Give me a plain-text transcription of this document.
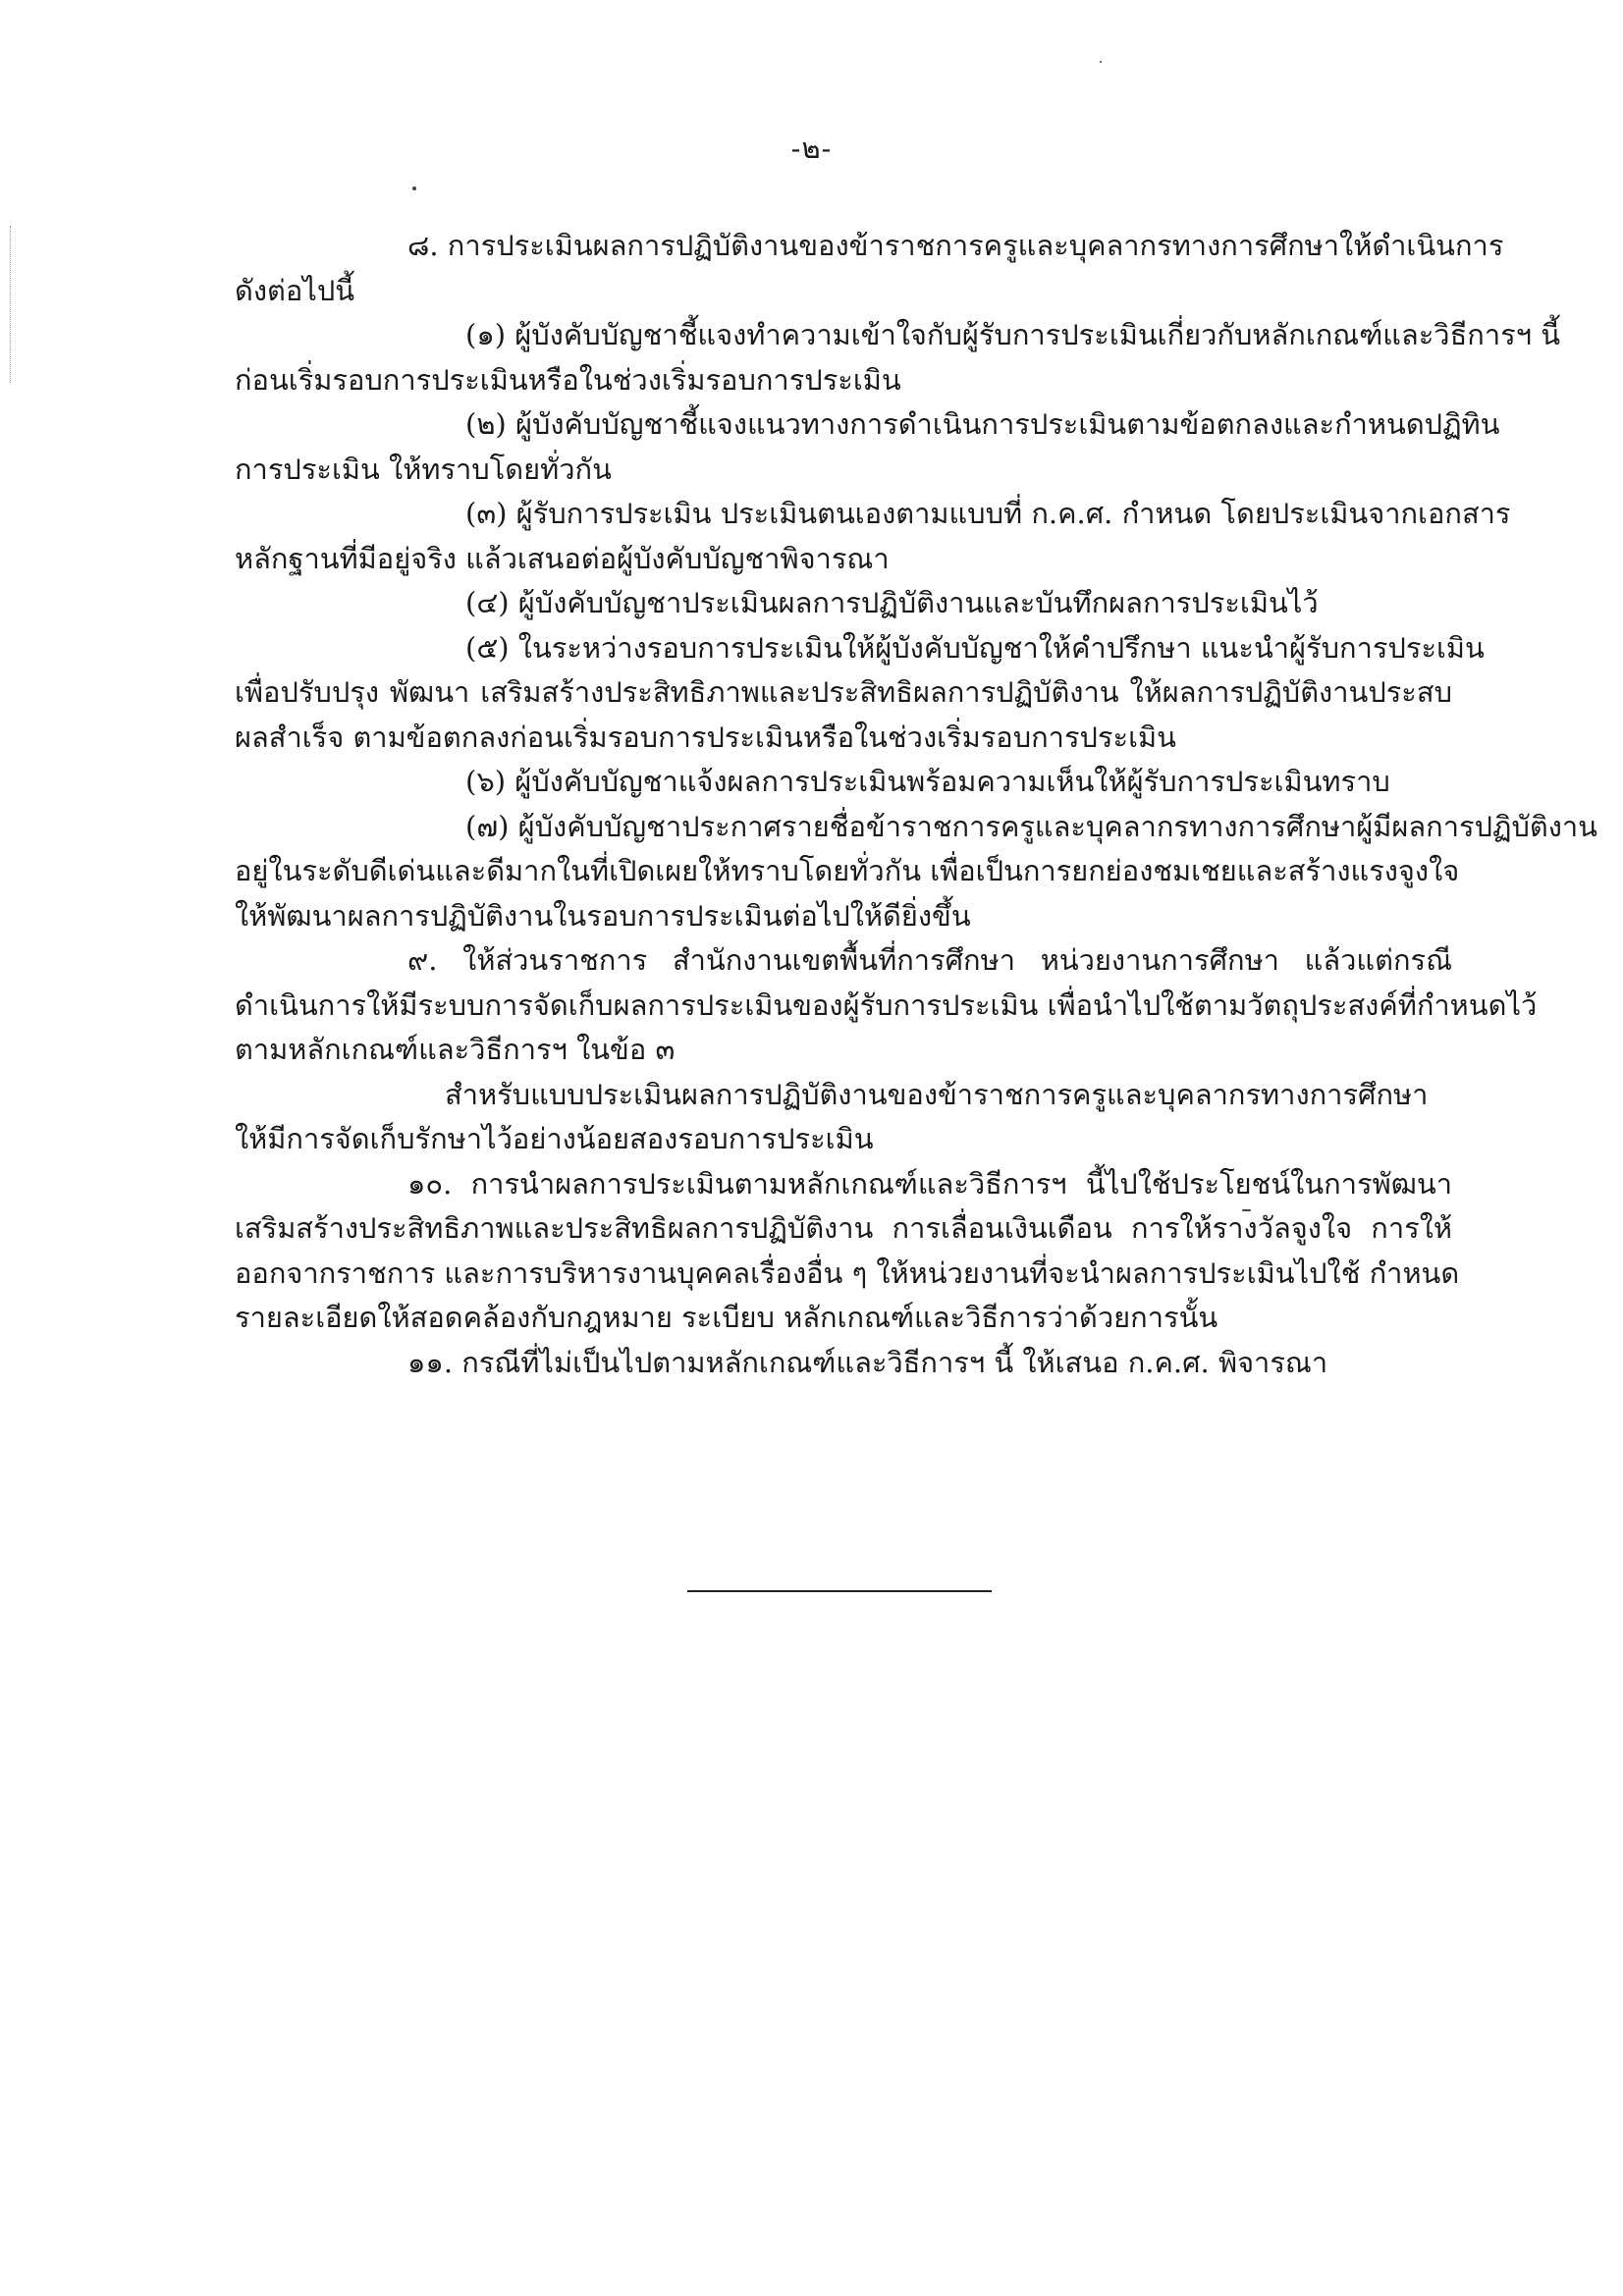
-๒-
๘. การประเมินผลการปฏิบัติงานของข้าราชการครูและบุคลากรทางการศึกษาให้ดำเนินการ
ดังต่อไปนี้
(๑) ผู้บังคับบัญชาชี้แจงทำความเข้าใจกับผู้รับการประเมินเกี่ยวกับหลักเกณฑ์และวิธีการฯ นี้
ก่อนเริ่มรอบการประเมินหรือในช่วงเริ่มรอบการประเมิน
(๒) ผู้บังคับบัญชาชี้แจงแนวทางการดำเนินการประเมินตามข้อตกลงและกำหนดปฏิทิน
การประเมิน ให้ทราบโดยทั่วกัน
(๓) ผู้รับการประเมิน ประเมินตนเองตามแบบที่ ก.ค.ศ. กำหนด โดยประเมินจากเอกสาร
หลักฐานที่มีอยู่จริง แล้วเสนอต่อผู้บังคับบัญชาพิจารณา
(๔) ผู้บังคับบัญชาประเมินผลการปฏิบัติงานและบันทึกผลการประเมินไว้
(๕) ในระหว่างรอบการประเมินให้ผู้บังคับบัญชาให้คำปรึกษา แนะนำผู้รับการประเมิน
เพื่อปรับปรุง พัฒนา เสริมสร้างประสิทธิภาพและประสิทธิผลการปฏิบัติงาน ให้ผลการปฏิบัติงานประสบ
ผลสำเร็จ ตามข้อตกลงก่อนเริ่มรอบการประเมินหรือในช่วงเริ่มรอบการประเมิน
(๖) ผู้บังคับบัญชาแจ้งผลการประเมินพร้อมความเห็นให้ผู้รับการประเมินทราบ
(๗) ผู้บังคับบัญชาประกาศรายชื่อข้าราชการครูและบุคลากรทางการศึกษาผู้มีผลการปฏิบัติงาน
อยู่ในระดับดีเด่นและดีมากในที่เปิดเผยให้ทราบโดยทั่วกัน เพื่อเป็นการยกย่องชมเชยและสร้างแรงจูงใจ
ให้พัฒนาผลการปฏิบัติงานในรอบการประเมินต่อไปให้ดียิ่งขึ้น
๙. ให้ส่วนราชการ สำนักงานเขตพื้นที่การศึกษา หน่วยงานการศึกษา แล้วแต่กรณี
ดำเนินการให้มีระบบการจัดเก็บผลการประเมินของผู้รับการประเมิน เพื่อนำไปใช้ตามวัตถุประสงค์ที่กำหนดไว้
ตามหลักเกณฑ์และวิธีการฯ ในข้อ ๓
สำหรับแบบประเมินผลการปฏิบัติงานของข้าราชการครูและบุคลากรทางการศึกษา
ให้มีการจัดเก็บรักษาไว้อย่างน้อยสองรอบการประเมิน
๑๐. การนำผลการประเมินตามหลักเกณฑ์และวิธีการฯ นี้ไปใช้ประโยชน์ในการพัฒนา
เสริมสร้างประสิทธิภาพและประสิทธิผลการปฏิบัติงาน การเลื่อนเงินเดือน การให้รางวัลจูงใจ การให้
ออกจากราชการ และการบริหารงานบุคคลเรื่องอื่น ๆ ให้หน่วยงานที่จะนำผลการประเมินไปใช้ กำหนด
รายละเอียดให้สอดคล้องกับกฎหมาย ระเบียบ หลักเกณฑ์และวิธีการว่าด้วยการนั้น
๑๑. กรณีที่ไม่เป็นไปตามหลักเกณฑ์และวิธีการฯ นี้ ให้เสนอ ก.ค.ศ. พิจารณา
